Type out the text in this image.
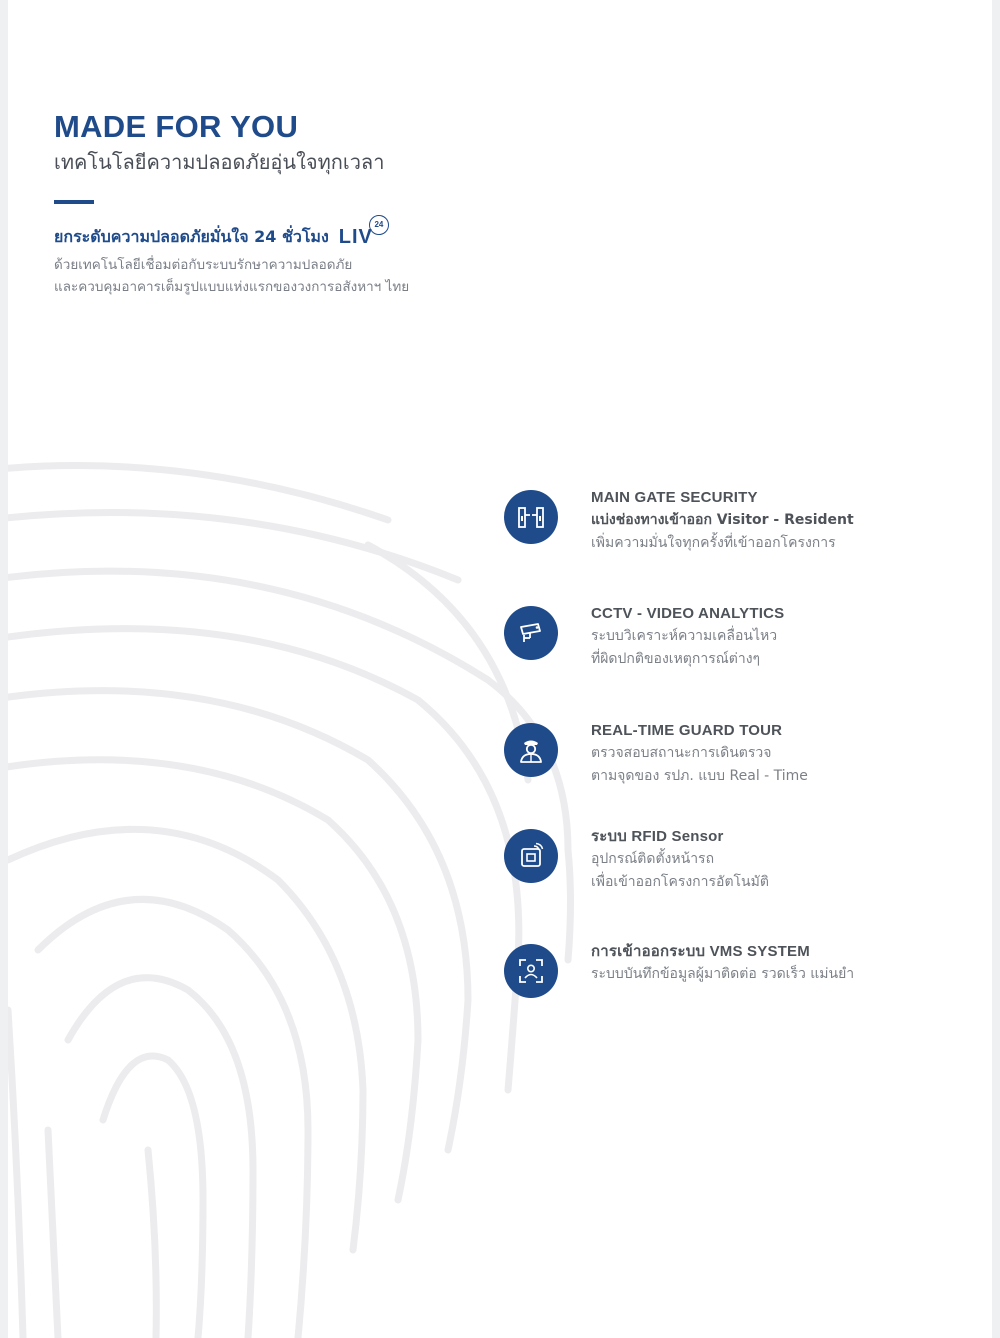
MADE FOR YOU
เทคโนโลยีความปลอดภัยอุ่นใจทุกเวลา
ยกระดับความปลอดภัยมั่นใจ 24 ชั่วโมง LIV
24
ด้วยเทคโนโลยีเชื่อมต่อกับระบบรักษาความปลอดภัย
และควบคุมอาคารเต็มรูปแบบแห่งแรกของวงการอสังหาฯ ไทย
MAIN GATE SECURITY
แบ่งช่องทางเข้าออก Visitor - Resident
เพิ่มความมั่นใจทุกครั้งที่เข้าออกโครงการ
CCTV - VIDEO ANALYTICS
ระบบวิเคราะห์ความเคลื่อนไหว
ที่ผิดปกติของเหตุการณ์ต่างๆ
REAL-TIME GUARD TOUR
ตรวจสอบสถานะการเดินตรวจ
ตามจุดของ รปภ. แบบ Real - Time
ระบบ RFID Sensor
อุปกรณ์ติดตั้งหน้ารถ
เพื่อเข้าออกโครงการอัตโนมัติ
การเข้าออกระบบ VMS SYSTEM
ระบบบันทึกข้อมูลผู้มาติดต่อ รวดเร็ว แม่นยำ
